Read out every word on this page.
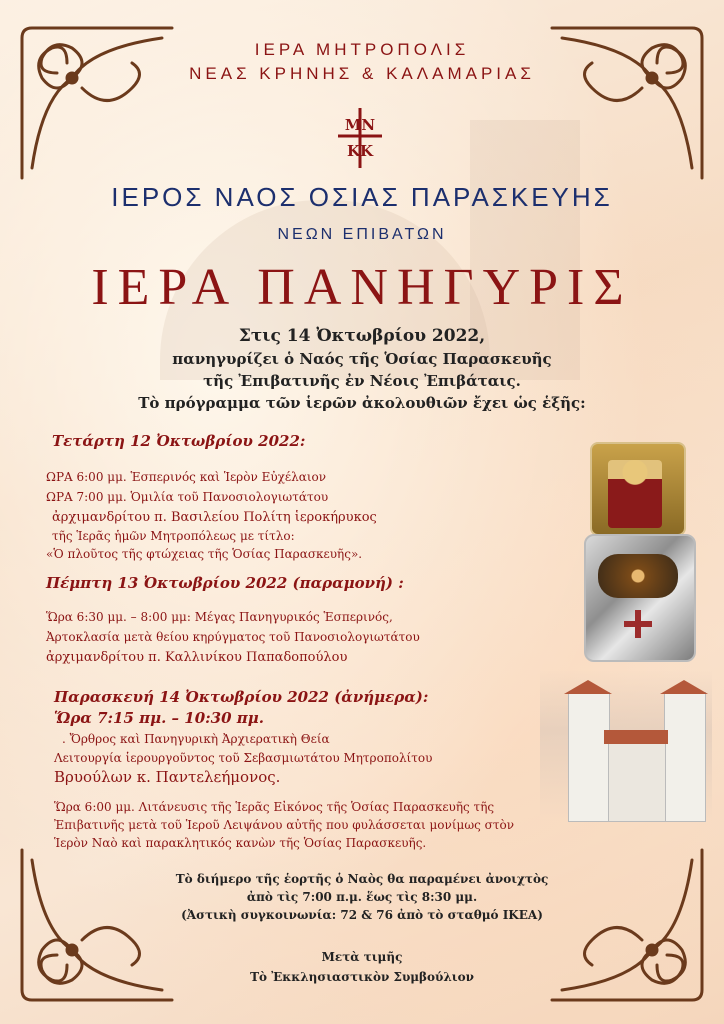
ΙΕΡΑ ΜΗΤΡΟΠΟΛΙΣ
ΝΕΑΣ ΚΡΗΝΗΣ & ΚΑΛΑΜΑΡΙΑΣ
ΜΝ
ΚΚ
ΙΕΡΟΣ ΝΑΟΣ ΟΣΙΑΣ ΠΑΡΑΣΚΕΥΗΣ
ΝΕΩΝ ΕΠΙΒΑΤΩΝ
ΙΕΡΑ ΠΑΝΗΓΥΡΙΣ
Στις 14 Ὀκτωβρίου 2022,
πανηγυρίζει ὁ Ναός τῆς Ὁσίας Παρασκευῆς
τῆς Ἐπιβατινῆς ἐν Νέοις Ἐπιβάταις.
Τὸ πρόγραμμα τῶν ἱερῶν ἀκολουθιῶν ἔχει ὡς ἑξῆς:
Τετάρτη 12 Ὀκτωβρίου 2022:
ΩΡΑ 6:00 μμ. Ἑσπερινός καὶ Ἱερὸν Εὐχέλαιον
ΩΡΑ 7:00 μμ. Ὁμιλία τοῦ Πανοσιολογιωτάτου
ἀρχιμανδρίτου π. Βασιλείου Πολίτη ἱεροκήρυκος
τῆς Ἱερᾶς ἡμῶν Μητροπόλεως με τίτλο:
«Ὁ πλοῦτος τῆς φτώχειας τῆς Ὁσίας Παρασκευῆς».
Πέμπτη 13 Ὀκτωβρίου 2022 (παραμονή) :
Ὥρα 6:30 μμ. – 8:00 μμ: Μέγας Πανηγυρικός Ἑσπερινός,
Ἀρτοκλασία μετὰ θείου κηρύγματος τοῦ Πανοσιολογιωτάτου
ἀρχιμανδρίτου π. Καλλινίκου Παπαδοπούλου
Παρασκευή 14 Ὀκτωβρίου 2022 (ἀνήμερα):
Ὥρα 7:15 πμ. – 10:30 πμ.
. Ὄρθρος καὶ Πανηγυρικὴ Ἀρχιερατικὴ Θεία
Λειτουργία ἱερουργοῦντος τοῦ Σεβασμιωτάτου Μητροπολίτου
Βρυούλων κ. Παντελεήμονος.
Ὥρα 6:00 μμ. Λιτάνευσις τῆς Ἱερᾶς Εἰκόνος τῆς Ὁσίας Παρασκευῆς τῆς
Ἐπιβατινῆς μετὰ τοῦ Ἱεροῦ Λειψάνου αὐτῆς που φυλάσσεται μονίμως στὸν
Ἱερὸν Ναὸ καὶ παρακλητικός κανὼν τῆς Ὁσίας Παρασκευῆς.
Τὸ διήμερο τῆς ἑορτῆς ὁ Ναὸς θα παραμένει ἀνοιχτὸς
ἀπὸ τὶς 7:00 π.μ. ἕως τὶς 8:30 μμ.
(Ἀστικὴ συγκοινωνία: 72 & 76 ἀπὸ τὸ σταθμό ΙΚΕΑ)
Μετὰ τιμῆς
Τὸ Ἐκκλησιαστικὸν Συμβούλιον
